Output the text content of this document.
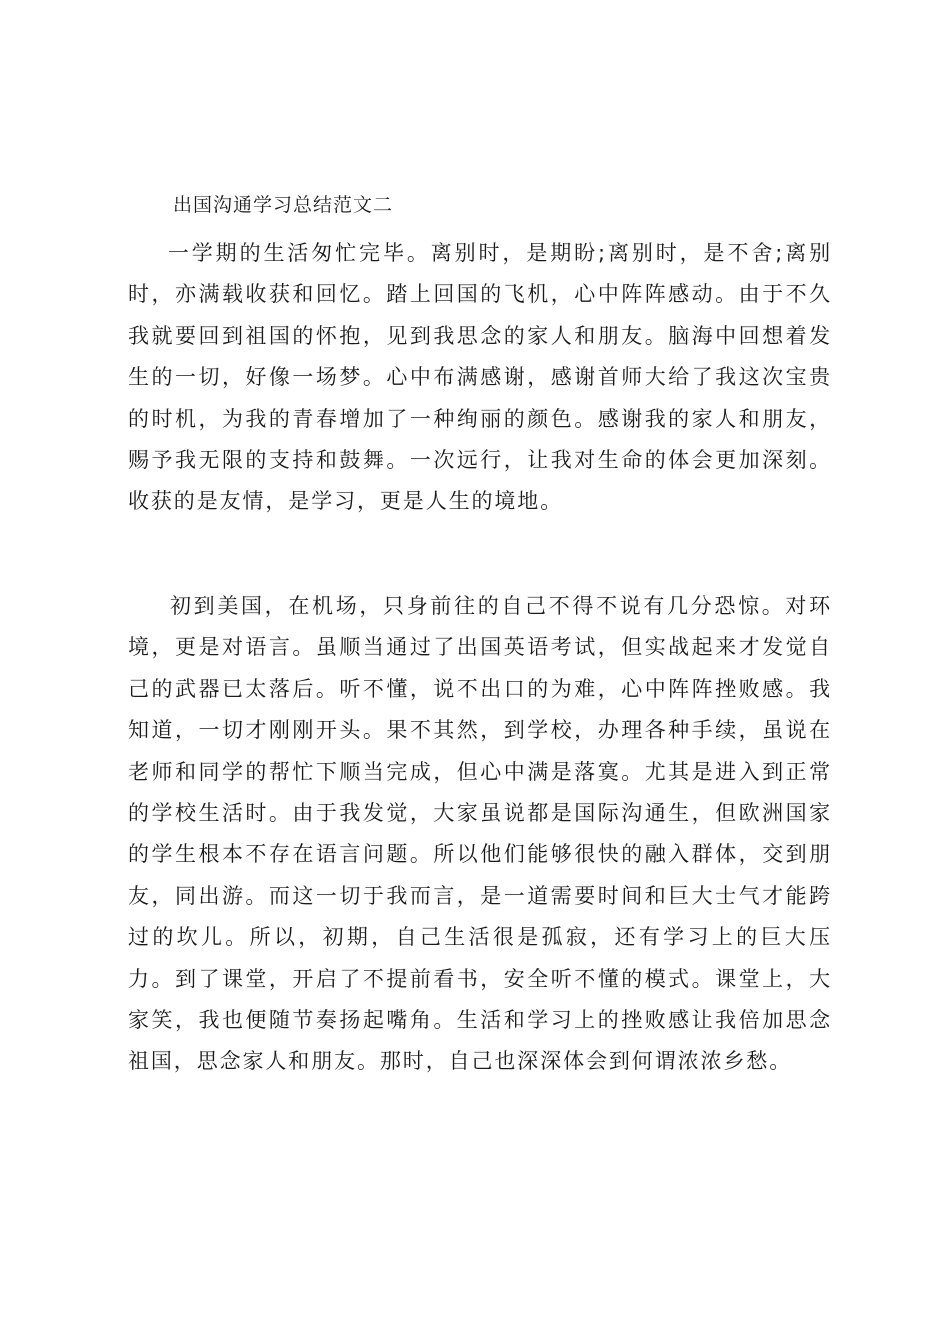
出国沟通学习总结范文二

一学期的生活匆忙完毕。离别时，是期盼;离别时，是不舍;离别时，亦满载收获和回忆。踏上回国的飞机，心中阵阵感动。由于不久我就要回到祖国的怀抱，见到我思念的家人和朋友。脑海中回想着发生的一切，好像一场梦。心中布满感谢，感谢首师大给了我这次宝贵的时机，为我的青春增加了一种绚丽的颜色。感谢我的家人和朋友，赐予我无限的支持和鼓舞。一次远行，让我对生命的体会更加深刻。收获的是友情，是学习，更是人生的境地。

初到美国，在机场，只身前往的自己不得不说有几分恐惊。对环境，更是对语言。虽顺当通过了出国英语考试，但实战起来才发觉自己的武器已太落后。听不懂，说不出口的为难，心中阵阵挫败感。我知道，一切才刚刚开头。果不其然，到学校，办理各种手续，虽说在老师和同学的帮忙下顺当完成，但心中满是落寞。尤其是进入到正常的学校生活时。由于我发觉，大家虽说都是国际沟通生，但欧洲国家的学生根本不存在语言问题。所以他们能够很快的融入群体，交到朋友，同出游。而这一切于我而言，是一道需要时间和巨大士气才能跨过的坎儿。所以，初期，自己生活很是孤寂，还有学习上的巨大压力。到了课堂，开启了不提前看书，安全听不懂的模式。课堂上，大家笑，我也便随节奏扬起嘴角。生活和学习上的挫败感让我倍加思念祖国，思念家人和朋友。那时，自己也深深体会到何谓浓浓乡愁。
